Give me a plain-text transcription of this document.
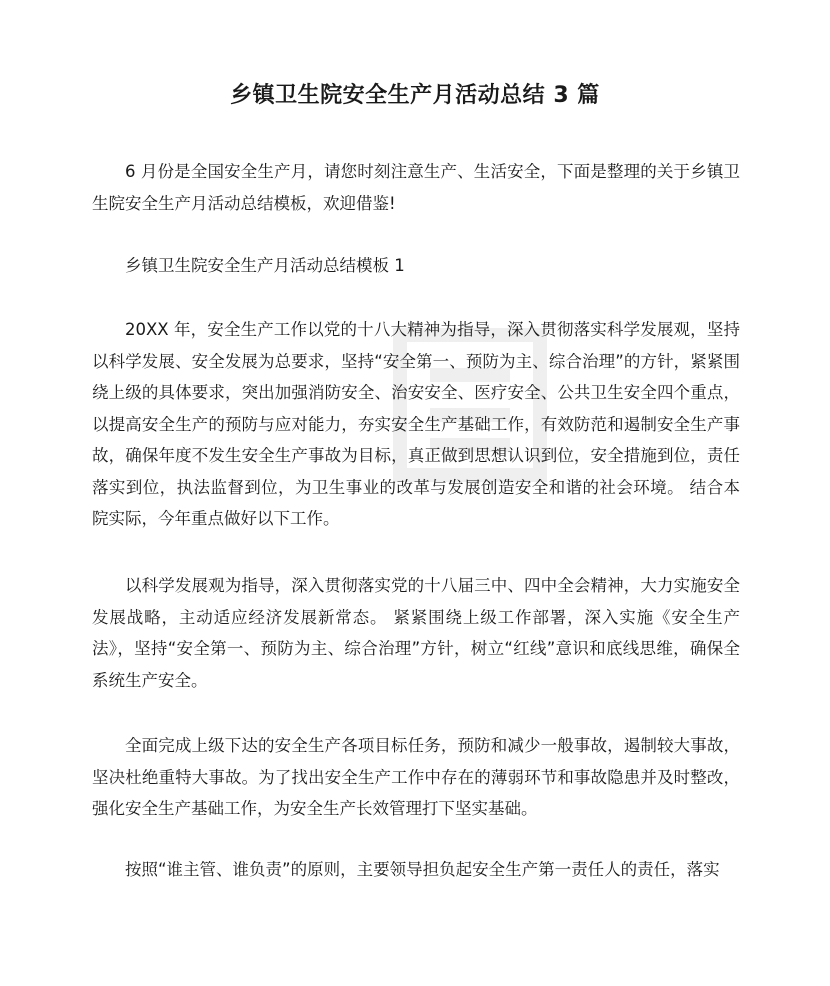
乡镇卫生院安全生产月活动总结 3 篇

6 月份是全国安全生产月，请您时刻注意生产、生活安全，下面是整理的关于乡镇卫生院安全生产月活动总结模板，欢迎借鉴!

乡镇卫生院安全生产月活动总结模板 1

20XX 年，安全生产工作以党的十八大精神为指导，深入贯彻落实科学发展观，坚持以科学发展、安全发展为总要求，坚持“安全第一、预防为主、综合治理”的方针，紧紧围绕上级的具体要求，突出加强消防安全、治安安全、医疗安全、公共卫生安全四个重点，以提高安全生产的预防与应对能力，夯实安全生产基础工作，有效防范和遏制安全生产事故，确保年度不发生安全生产事故为目标，真正做到思想认识到位，安全措施到位，责任落实到位，执法监督到位，为卫生事业的改革与发展创造安全和谐的社会环境。 结合本院实际，今年重点做好以下工作。

以科学发展观为指导，深入贯彻落实党的十八届三中、四中全会精神，大力实施安全发展战略，主动适应经济发展新常态。 紧紧围绕上级工作部署，深入实施《安全生产法》，坚持“安全第一、预防为主、综合治理”方针，树立“红线”意识和底线思维，确保全系统生产安全。

全面完成上级下达的安全生产各项目标任务，预防和减少一般事故，遏制较大事故，坚决杜绝重特大事故。为了找出安全生产工作中存在的薄弱环节和事故隐患并及时整改，强化安全生产基础工作，为安全生产长效管理打下坚实基础。

按照“谁主管、谁负责”的原则，主要领导担负起安全生产第一责任人的责任，落实
